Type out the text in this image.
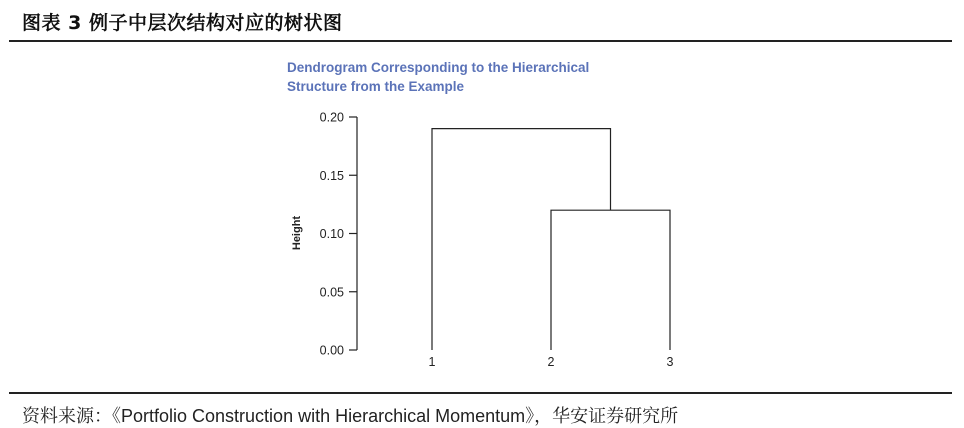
图表 3 例子中层次结构对应的树状图
Dendrogram Corresponding to the Hierarchical
Structure from the Example
Height
0.00
0.05
0.10
0.15
0.20
1	2	3
资料来源：《Portfolio Construction with Hierarchical Momentum》，华安证券研究所
